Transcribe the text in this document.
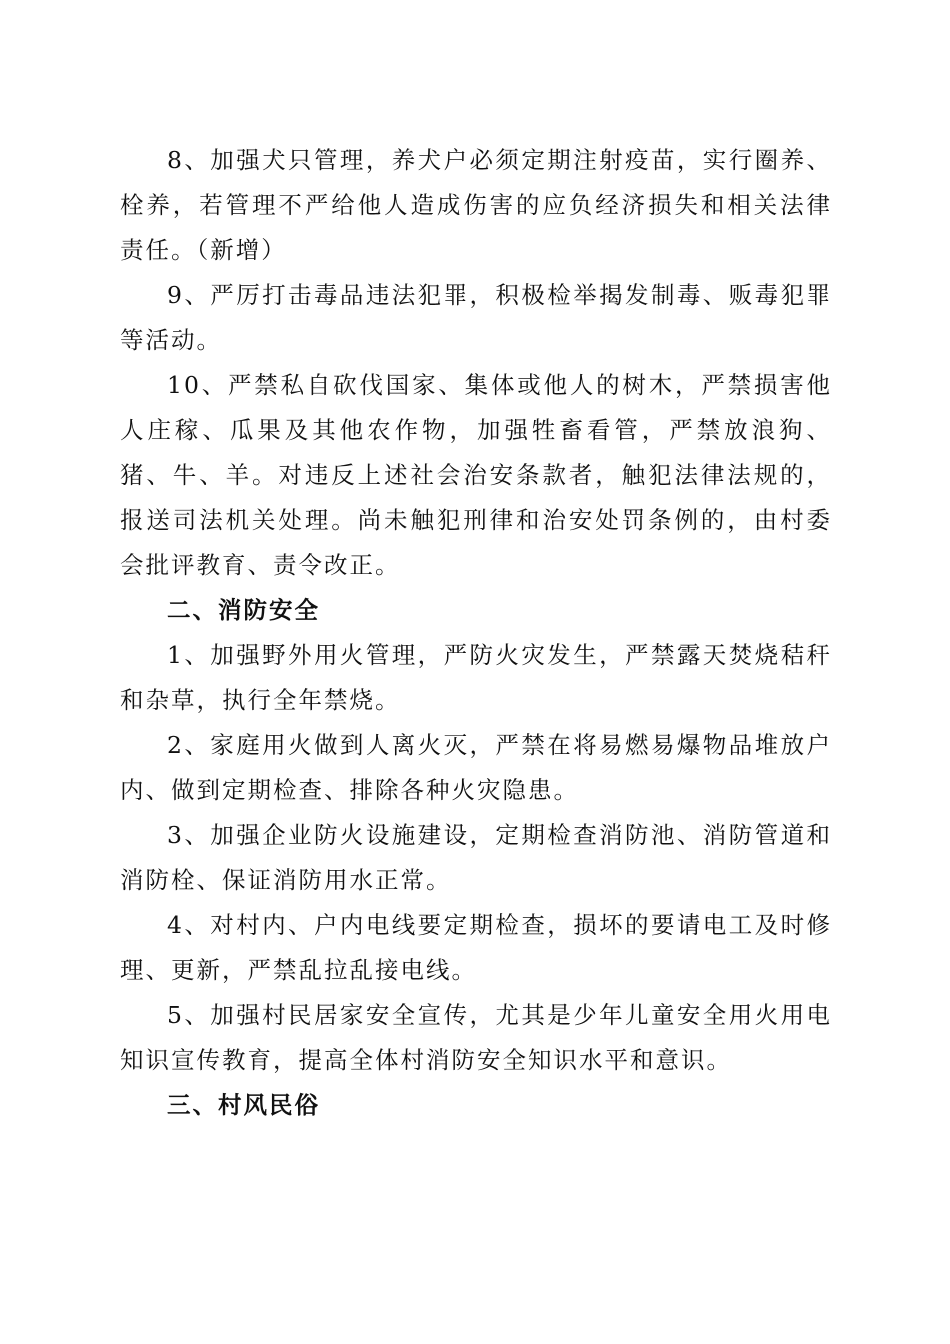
8、加强犬只管理，养犬户必须定期注射疫苗，实行圈养、栓养，若管理不严给他人造成伤害的应负经济损失和相关法律责任。（新增）

9、严厉打击毒品违法犯罪，积极检举揭发制毒、贩毒犯罪等活动。

10、严禁私自砍伐国家、集体或他人的树木，严禁损害他人庄稼、瓜果及其他农作物，加强牲畜看管，严禁放浪狗、猪、牛、羊。对违反上述社会治安条款者，触犯法律法规的，报送司法机关处理。尚未触犯刑律和治安处罚条例的，由村委会批评教育、责令改正。

二、消防安全

1、加强野外用火管理，严防火灾发生，严禁露天焚烧秸秆和杂草，执行全年禁烧。

2、家庭用火做到人离火灭，严禁在将易燃易爆物品堆放户内、做到定期检查、排除各种火灾隐患。

3、加强企业防火设施建设，定期检查消防池、消防管道和消防栓、保证消防用水正常。

4、对村内、户内电线要定期检查，损坏的要请电工及时修理、更新，严禁乱拉乱接电线。

5、加强村民居家安全宣传，尤其是少年儿童安全用火用电知识宣传教育，提高全体村消防安全知识水平和意识。

三、村风民俗
